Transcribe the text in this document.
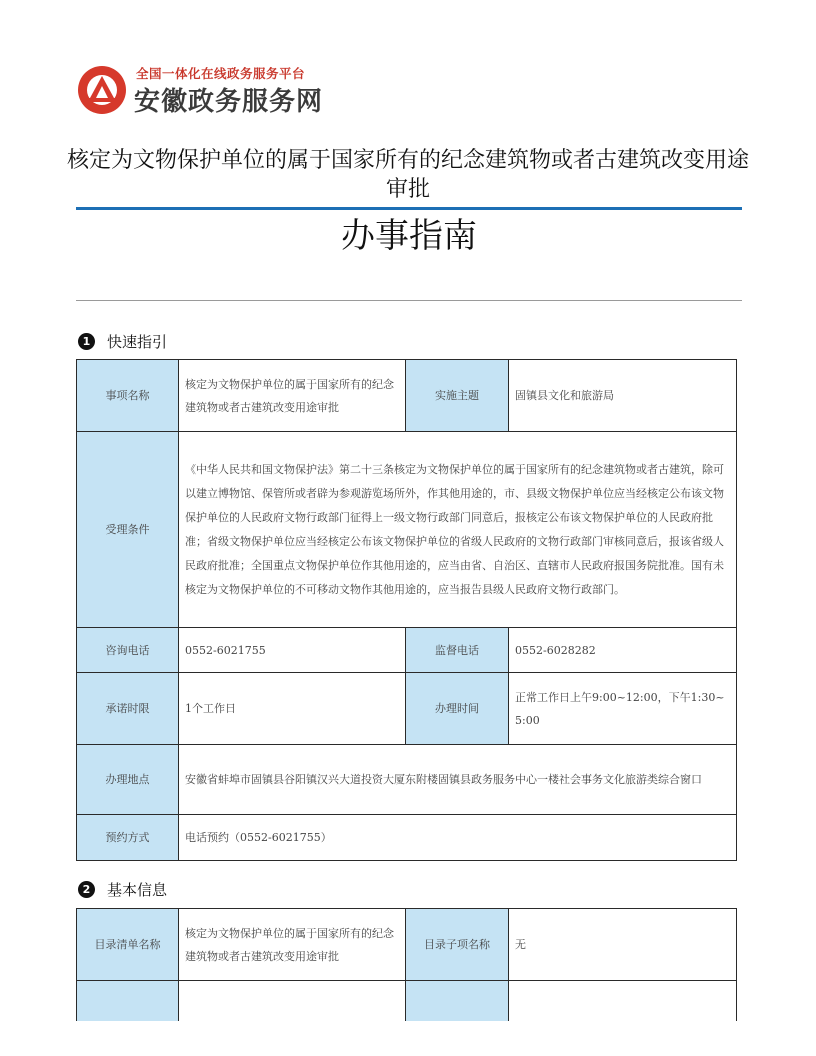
全国一体化在线政务服务平台
安徽政务服务网
核定为文物保护单位的属于国家所有的纪念建筑物或者古建筑改变用途审批
办事指南
1	快速指引
事项名称	核定为文物保护单位的属于国家所有的纪念建筑物或者古建筑改变用途审批	实施主题	固镇县文化和旅游局
受理条件	《中华人民共和国文物保护法》第二十三条核定为文物保护单位的属于国家所有的纪念建筑物或者古建筑，除可以建立博物馆、保管所或者辟为参观游览场所外，作其他用途的，市、县级文物保护单位应当经核定公布该文物保护单位的人民政府文物行政部门征得上一级文物行政部门同意后，报核定公布该文物保护单位的人民政府批准；省级文物保护单位应当经核定公布该文物保护单位的省级人民政府的文物行政部门审核同意后，报该省级人民政府批准；全国重点文物保护单位作其他用途的，应当由省、自治区、直辖市人民政府报国务院批准。国有未核定为文物保护单位的不可移动文物作其他用途的，应当报告县级人民政府文物行政部门。		
咨询电话	0552-6021755	监督电话	0552-6028282
承诺时限	1个工作日	办理时间	正常工作日上午9:00~12:00，下午1:30~5:00
办理地点	安徽省蚌埠市固镇县谷阳镇汉兴大道投资大厦东附楼固镇县政务服务中心一楼社会事务文化旅游类综合窗口		
预约方式	电话预约（0552-6021755）		
2	基本信息
目录清单名称	核定为文物保护单位的属于国家所有的纪念建筑物或者古建筑改变用途审批	目录子项名称	无
